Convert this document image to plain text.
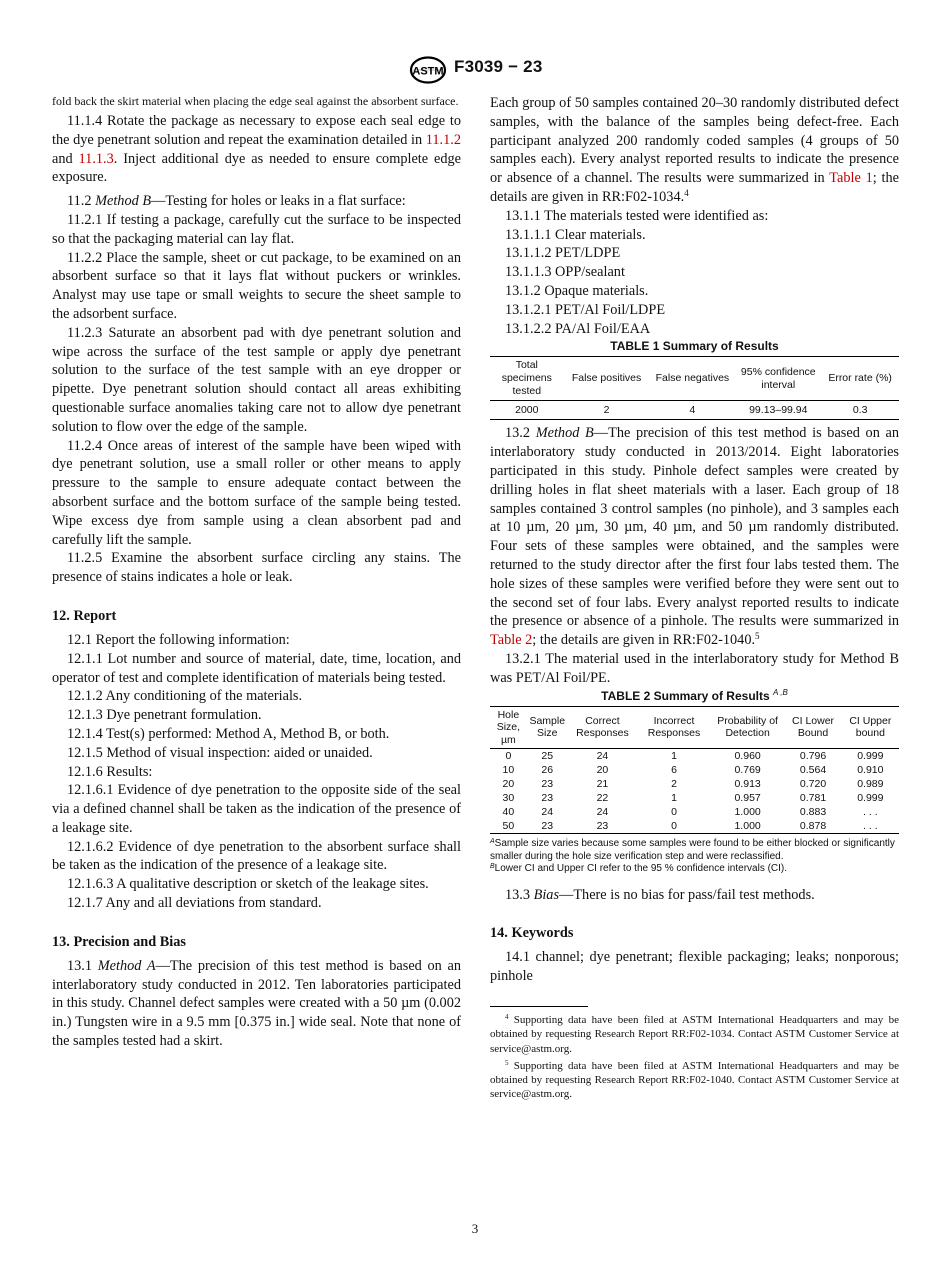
ASTM F3039 − 23

fold back the skirt material when placing the edge seal against the absorbent surface.

11.1.4 Rotate the package as necessary to expose each seal edge to the dye penetrant solution and repeat the examination detailed in 11.1.2 and 11.1.3. Inject additional dye as needed to ensure complete edge exposure.

11.2 Method B—Testing for holes or leaks in a flat surface:

11.2.1 If testing a package, carefully cut the surface to be inspected so that the packaging material can lay flat.

11.2.2 Place the sample, sheet or cut package, to be examined on an absorbent surface so that it lays flat without puckers or wrinkles. Analyst may use tape or small weights to secure the sheet sample to the adsorbent surface.

11.2.3 Saturate an absorbent pad with dye penetrant solution and wipe across the surface of the test sample or apply dye penetrant solution to the surface of the test sample with an eye dropper or pipette. Dye penetrant solution should contact all areas exhibiting questionable surface anomalies taking care not to allow dye penetrant solution to flow over the edge of the sample.

11.2.4 Once areas of interest of the sample have been wiped with dye penetrant solution, use a small roller or other means to apply pressure to the sample to ensure adequate contact between the absorbent surface and the bottom surface of the sample being tested. Wipe excess dye from sample using a clean absorbent pad and carefully lift the sample.

11.2.5 Examine the absorbent surface circling any stains. The presence of stains indicates a hole or leak.

12. Report

12.1 Report the following information:

12.1.1 Lot number and source of material, date, time, location, and operator of test and complete identification of materials being tested.

12.1.2 Any conditioning of the materials.

12.1.3 Dye penetrant formulation.

12.1.4 Test(s) performed: Method A, Method B, or both.

12.1.5 Method of visual inspection: aided or unaided.

12.1.6 Results:

12.1.6.1 Evidence of dye penetration to the opposite side of the seal via a defined channel shall be taken as the indication of the presence of a leakage site.

12.1.6.2 Evidence of dye penetration to the absorbent surface shall be taken as the indication of the presence of a leakage site.

12.1.6.3 A qualitative description or sketch of the leakage sites.

12.1.7 Any and all deviations from standard.

13. Precision and Bias

13.1 Method A—The precision of this test method is based on an interlaboratory study conducted in 2012. Ten laboratories participated in this study. Channel defect samples were created with a 50 µm (0.002 in.) Tungsten wire in a 9.5 mm [0.375 in.] wide seal. Note that none of the samples tested had a skirt.

Each group of 50 samples contained 20–30 randomly distributed defect samples, with the balance of the samples being defect-free. Each participant analyzed 200 randomly coded samples (4 groups of 50 samples each). Every analyst reported results to indicate the presence or absence of a channel. The results were summarized in Table 1; the details are given in RR:F02-1034.$^4$

13.1.1 The materials tested were identified as:

13.1.1.1 Clear materials.

13.1.1.2 PET/LDPE

13.1.1.3 OPP/sealant

13.1.2 Opaque materials.

13.1.2.1 PET/Al Foil/LDPE

13.1.2.2 PA/Al Foil/EAA

TABLE 1 Summary of Results
Total specimens tested	False positives	False negatives	95% confidence interval	Error rate (%)
2000	2	4	99.13–99.94	0.3

13.2 Method B—The precision of this test method is based on an interlaboratory study conducted in 2013/2014. Eight laboratories participated in this study. Pinhole defect samples were created by drilling holes in flat sheet materials with a laser. Each group of 18 samples contained 3 control samples (no pinhole), and 3 samples each at 10 µm, 20 µm, 30 µm, 40 µm, and 50 µm randomly distributed. Four sets of these samples were obtained, and the samples were returned to the study director after the first four labs tested them. The hole sizes of these samples were verified before they were sent out to the second set of four labs. Every analyst reported results to indicate the presence or absence of a pinhole. The results were summarized in Table 2; the details are given in RR:F02-1040.$^5$

13.2.1 The material used in the interlaboratory study for Method B was PET/Al Foil/PE.

TABLE 2 Summary of Results $^{A ,B}$
Hole Size, µm	Sample Size	Correct Responses	Incorrect Responses	Probability of Detection	CI Lower Bound	CI Upper bound
0	25	24	1	0.960	0.796	0.999
10	26	20	6	0.769	0.564	0.910
20	23	21	2	0.913	0.720	0.989
30	23	22	1	0.957	0.781	0.999
40	24	24	0	1.000	0.883	. . .
50	23	23	0	1.000	0.878	. . .
$^A$Sample size varies because some samples were found to be either blocked or significantly smaller during the hole size verification step and were reclassified.
$^B$Lower CI and Upper CI refer to the 95 % confidence intervals (CI).

13.3 Bias—There is no bias for pass/fail test methods.

14. Keywords

14.1 channel; dye penetrant; flexible packaging; leaks; nonporous; pinhole

$^4$ Supporting data have been filed at ASTM International Headquarters and may be obtained by requesting Research Report RR:F02-1034. Contact ASTM Customer Service at service@astm.org.

$^5$ Supporting data have been filed at ASTM International Headquarters and may be obtained by requesting Research Report RR:F02-1040. Contact ASTM Customer Service at service@astm.org.

3
